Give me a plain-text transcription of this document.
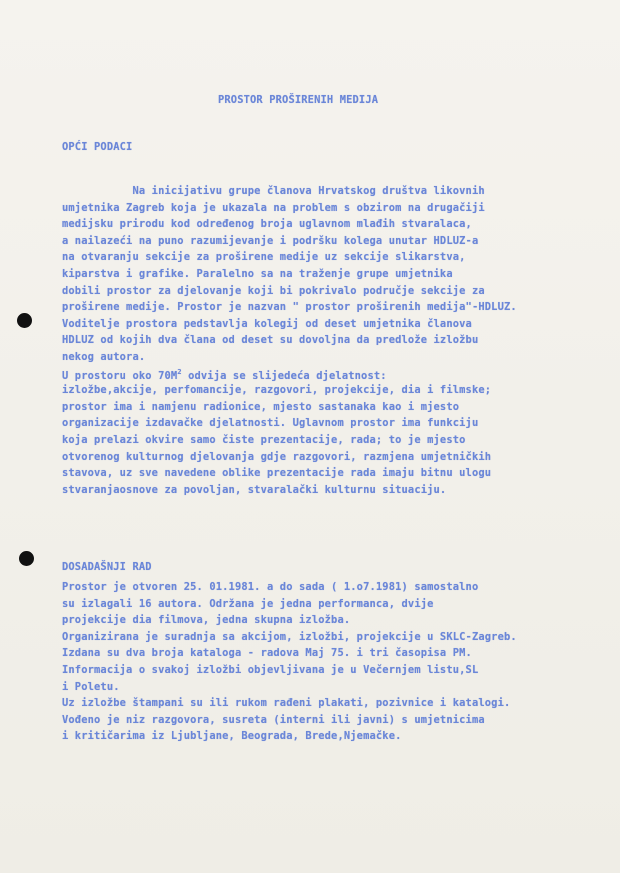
PROSTOR PROŠIRENIH MEDIJA
OPĆI PODACI
Na inicijativu grupe članova Hrvatskog društva likovnih
umjetnika Zagreb koja je ukazala na problem s obzirom na drugačiji
medijsku prirodu kod određenog broja uglavnom mlađih stvaralaca,
a nailazeći na puno razumijevanje i podršku kolega unutar HDLUZ-a
na otvaranju sekcije za proširene medije uz sekcije slikarstva,
kiparstva i grafike. Paralelno sa na traženje grupe umjetnika
dobili prostor za djelovanje koji bi pokrivalo područje sekcije za
proširene medije. Prostor je nazvan " prostor proširenih medija"-HDLUZ.
Voditelje prostora pedstavlja kolegij od deset umjetnika članova
HDLUZ od kojih dva člana od deset su dovoljna da predlože izložbu
nekog autora.
U prostoru oko $70M^2$ odvija se slijedeća djelatnost:
izložbe,akcije, perfomancije, razgovori, projekcije, dia i filmske;
prostor ima i namjenu radionice, mjesto sastanaka kao i mjesto
organizacije izdavačke djelatnosti. Uglavnom prostor ima funkciju
koja prelazi okvire samo čiste prezentacije, rada; to je mjesto
otvorenog kulturnog djelovanja gdje razgovori, razmjena umjetničkih
stavova, uz sve navedene oblike prezentacije rada imaju bitnu ulogu
stvaranjaosnove za povoljan, stvaralački kulturnu situaciju.
DOSADAŠNJI RAD
Prostor je otvoren 25. 01.1981. a do sada ( 1.o7.1981) samostalno
su izlagali 16 autora. Održana je jedna performanca, dvije
projekcije dia filmova, jedna skupna izložba.
Organizirana je suradnja sa akcijom, izložbi, projekcije u SKLC-Zagreb.
Izdana su dva broja kataloga - radova Maj 75. i tri časopisa PM.
Informacija o svakoj izložbi objevljivana je u Večernjem listu,SL
i Poletu.
Uz izložbe štampani su ili rukom rađeni plakati, pozivnice i katalogi.
Vođeno je niz razgovora, susreta (interni ili javni) s umjetnicima
i kritičarima iz Ljubljane, Beograda, Brede,Njemačke.
